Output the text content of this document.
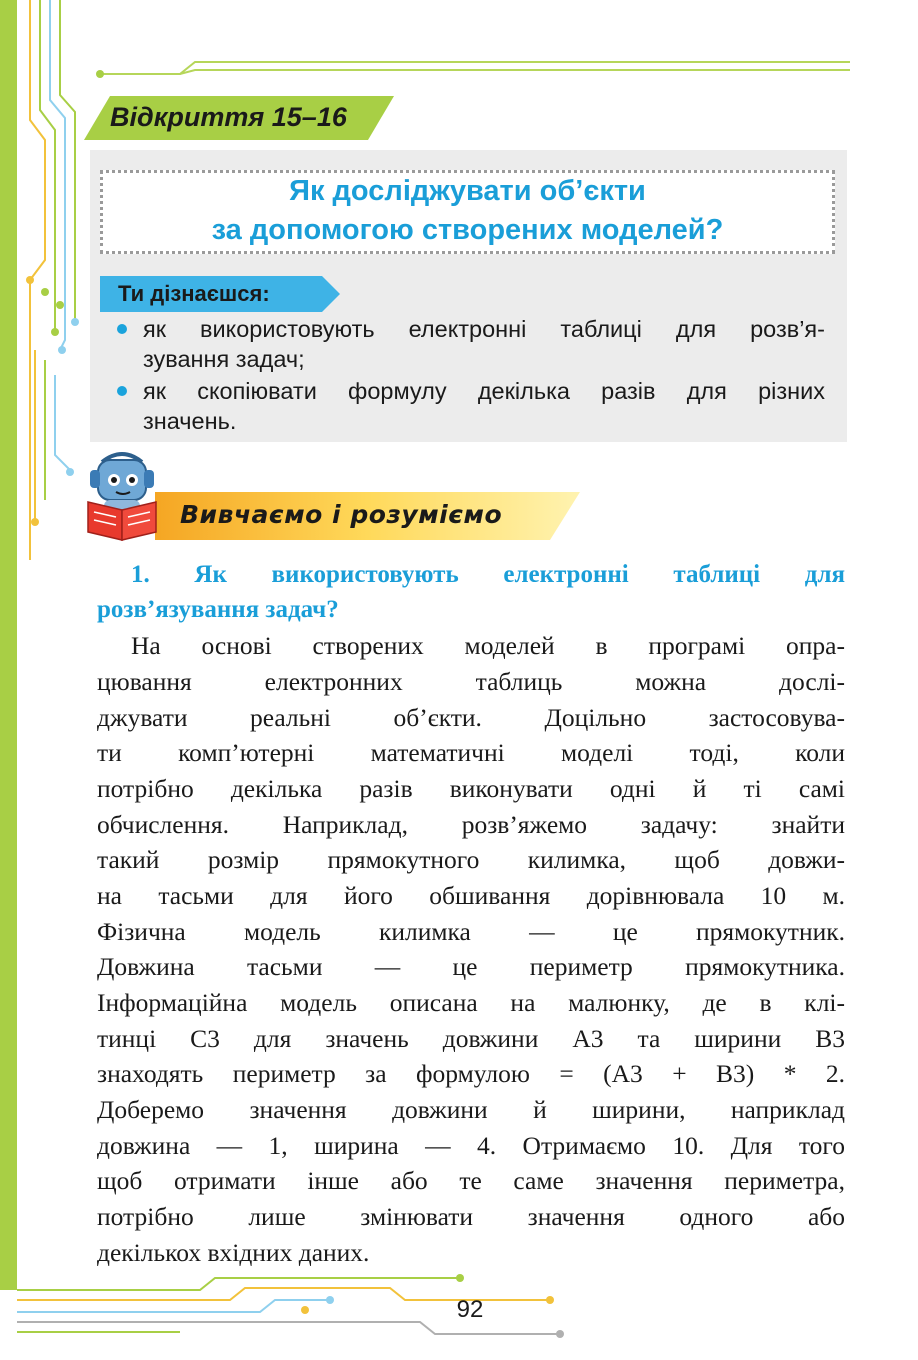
Відкриття 15–16
Як досліджувати об’єкти
за допомогою створених моделей?
Ти дізнаєшся:
як використовують електронні таблиці для розв’я-
зування задач;
як скопіювати формулу декілька разів для різних
значень.
Вивчаємо і розуміємо
1. Як використовують електронні таблиці для
розв’язування задач?
На основі створених моделей в програмі опра-
цювання електронних таблиць можна дослі-
джувати реальні об’єкти. Доцільно застосовува-
ти комп’ютерні математичні моделі тоді, коли
потрібно декілька разів виконувати одні й ті самі
обчислення. Наприклад, розв’яжемо задачу: знайти
такий розмір прямокутного килимка, щоб довжи-
на тасьми для його обшивання дорівнювала 10 м.
Фізична модель килимка — це прямокутник.
Довжина тасьми — це периметр прямокутника.
Інформаційна модель описана на малюнку, де в клі-
тинці C3 для значень довжини A3 та ширини B3
знаходять периметр за формулою = (A3 + B3) * 2.
Доберемо значення довжини й ширини, наприклад
довжина — 1, ширина — 4. Отримаємо 10. Для того
щоб отримати інше або те саме значення периметра,
потрібно лише змінювати значення одного або
декількох вхідних даних.
92
